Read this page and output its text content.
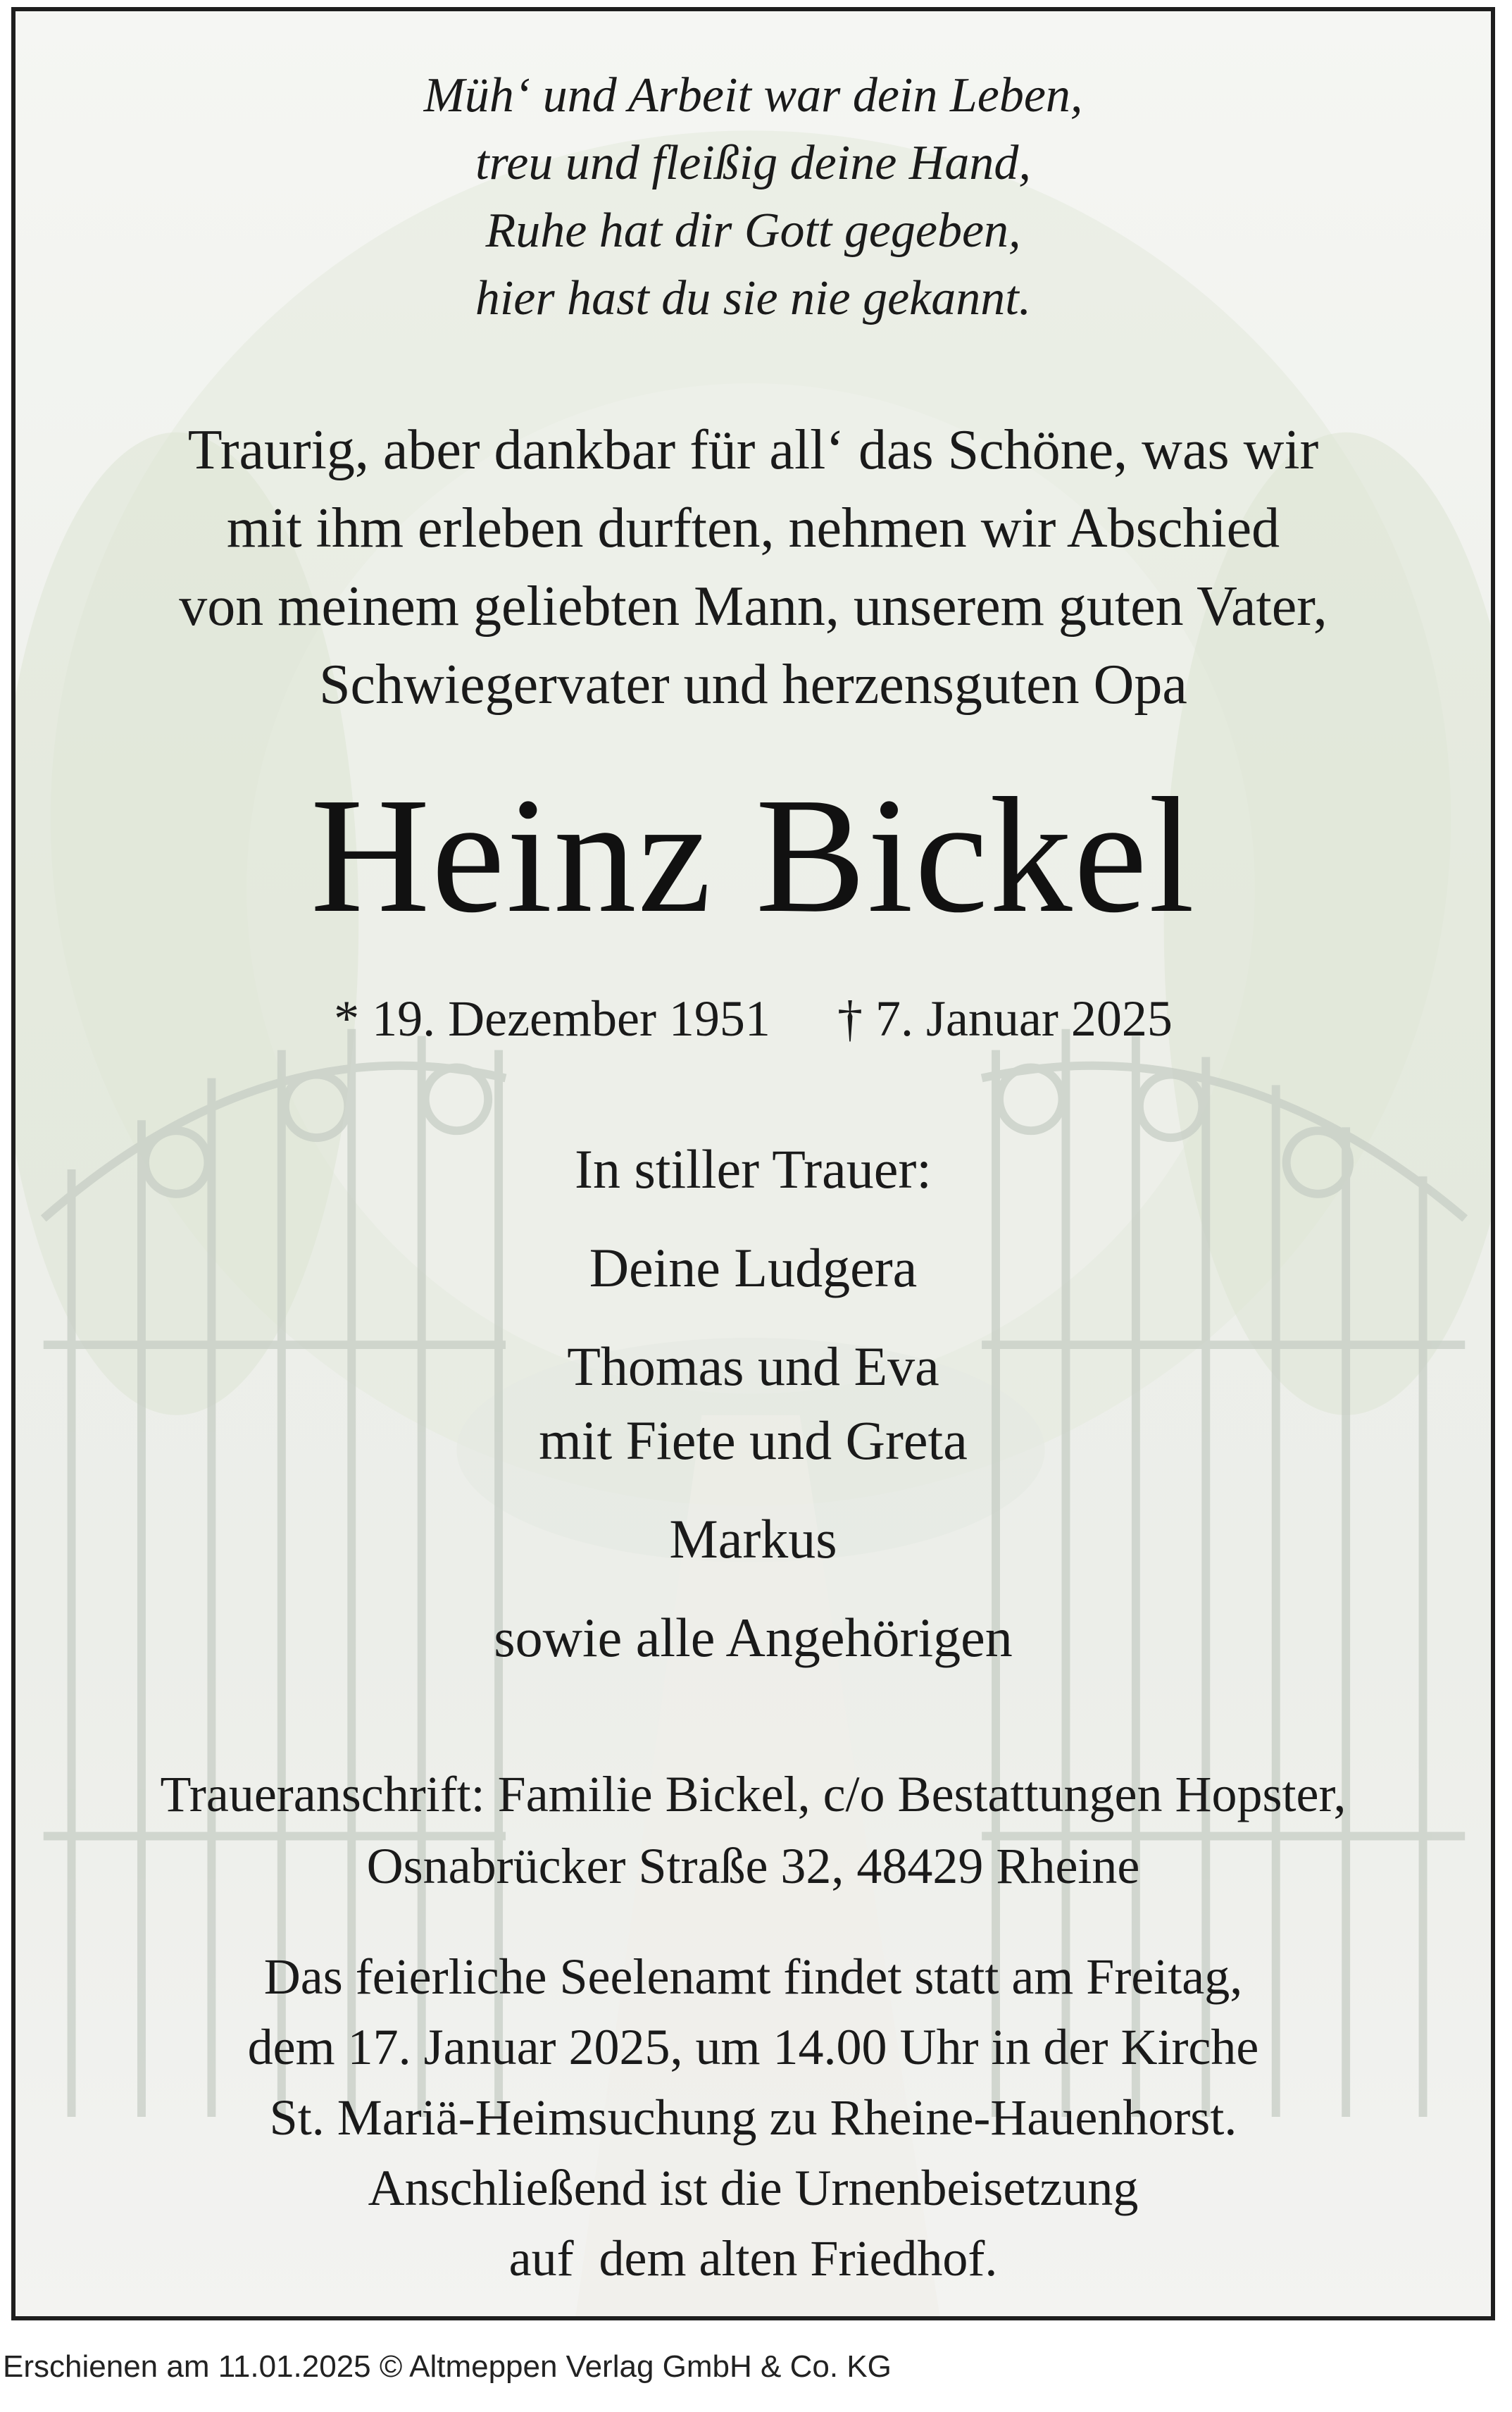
Müh‘ und Arbeit war dein Leben,
treu und fleißig deine Hand,
Ruhe hat dir Gott gegeben,
hier hast du sie nie gekannt.
Traurig, aber dankbar für all‘ das Schöne, was wir
mit ihm erleben durften, nehmen wir Abschied
von meinem geliebten Mann, unserem guten Vater,
Schwiegervater und herzensguten Opa
Heinz Bickel
* 19. Dezember 1951 † 7. Januar 2025
In stiller Trauer:
Deine Ludgera
Thomas und Eva
mit Fiete und Greta
Markus
sowie alle Angehörigen
Traueranschrift: Familie Bickel, c/o Bestattungen Hopster,
Osnabrücker Straße 32, 48429 Rheine
Das feierliche Seelenamt findet statt am Freitag,
dem 17. Januar 2025, um 14.00 Uhr in der Kirche
St. Mariä-Heimsuchung zu Rheine-Hauenhorst.
Anschließend ist die Urnenbeisetzung
auf  dem alten Friedhof.
Erschienen am 11.01.2025 © Altmeppen Verlag GmbH & Co. KG
